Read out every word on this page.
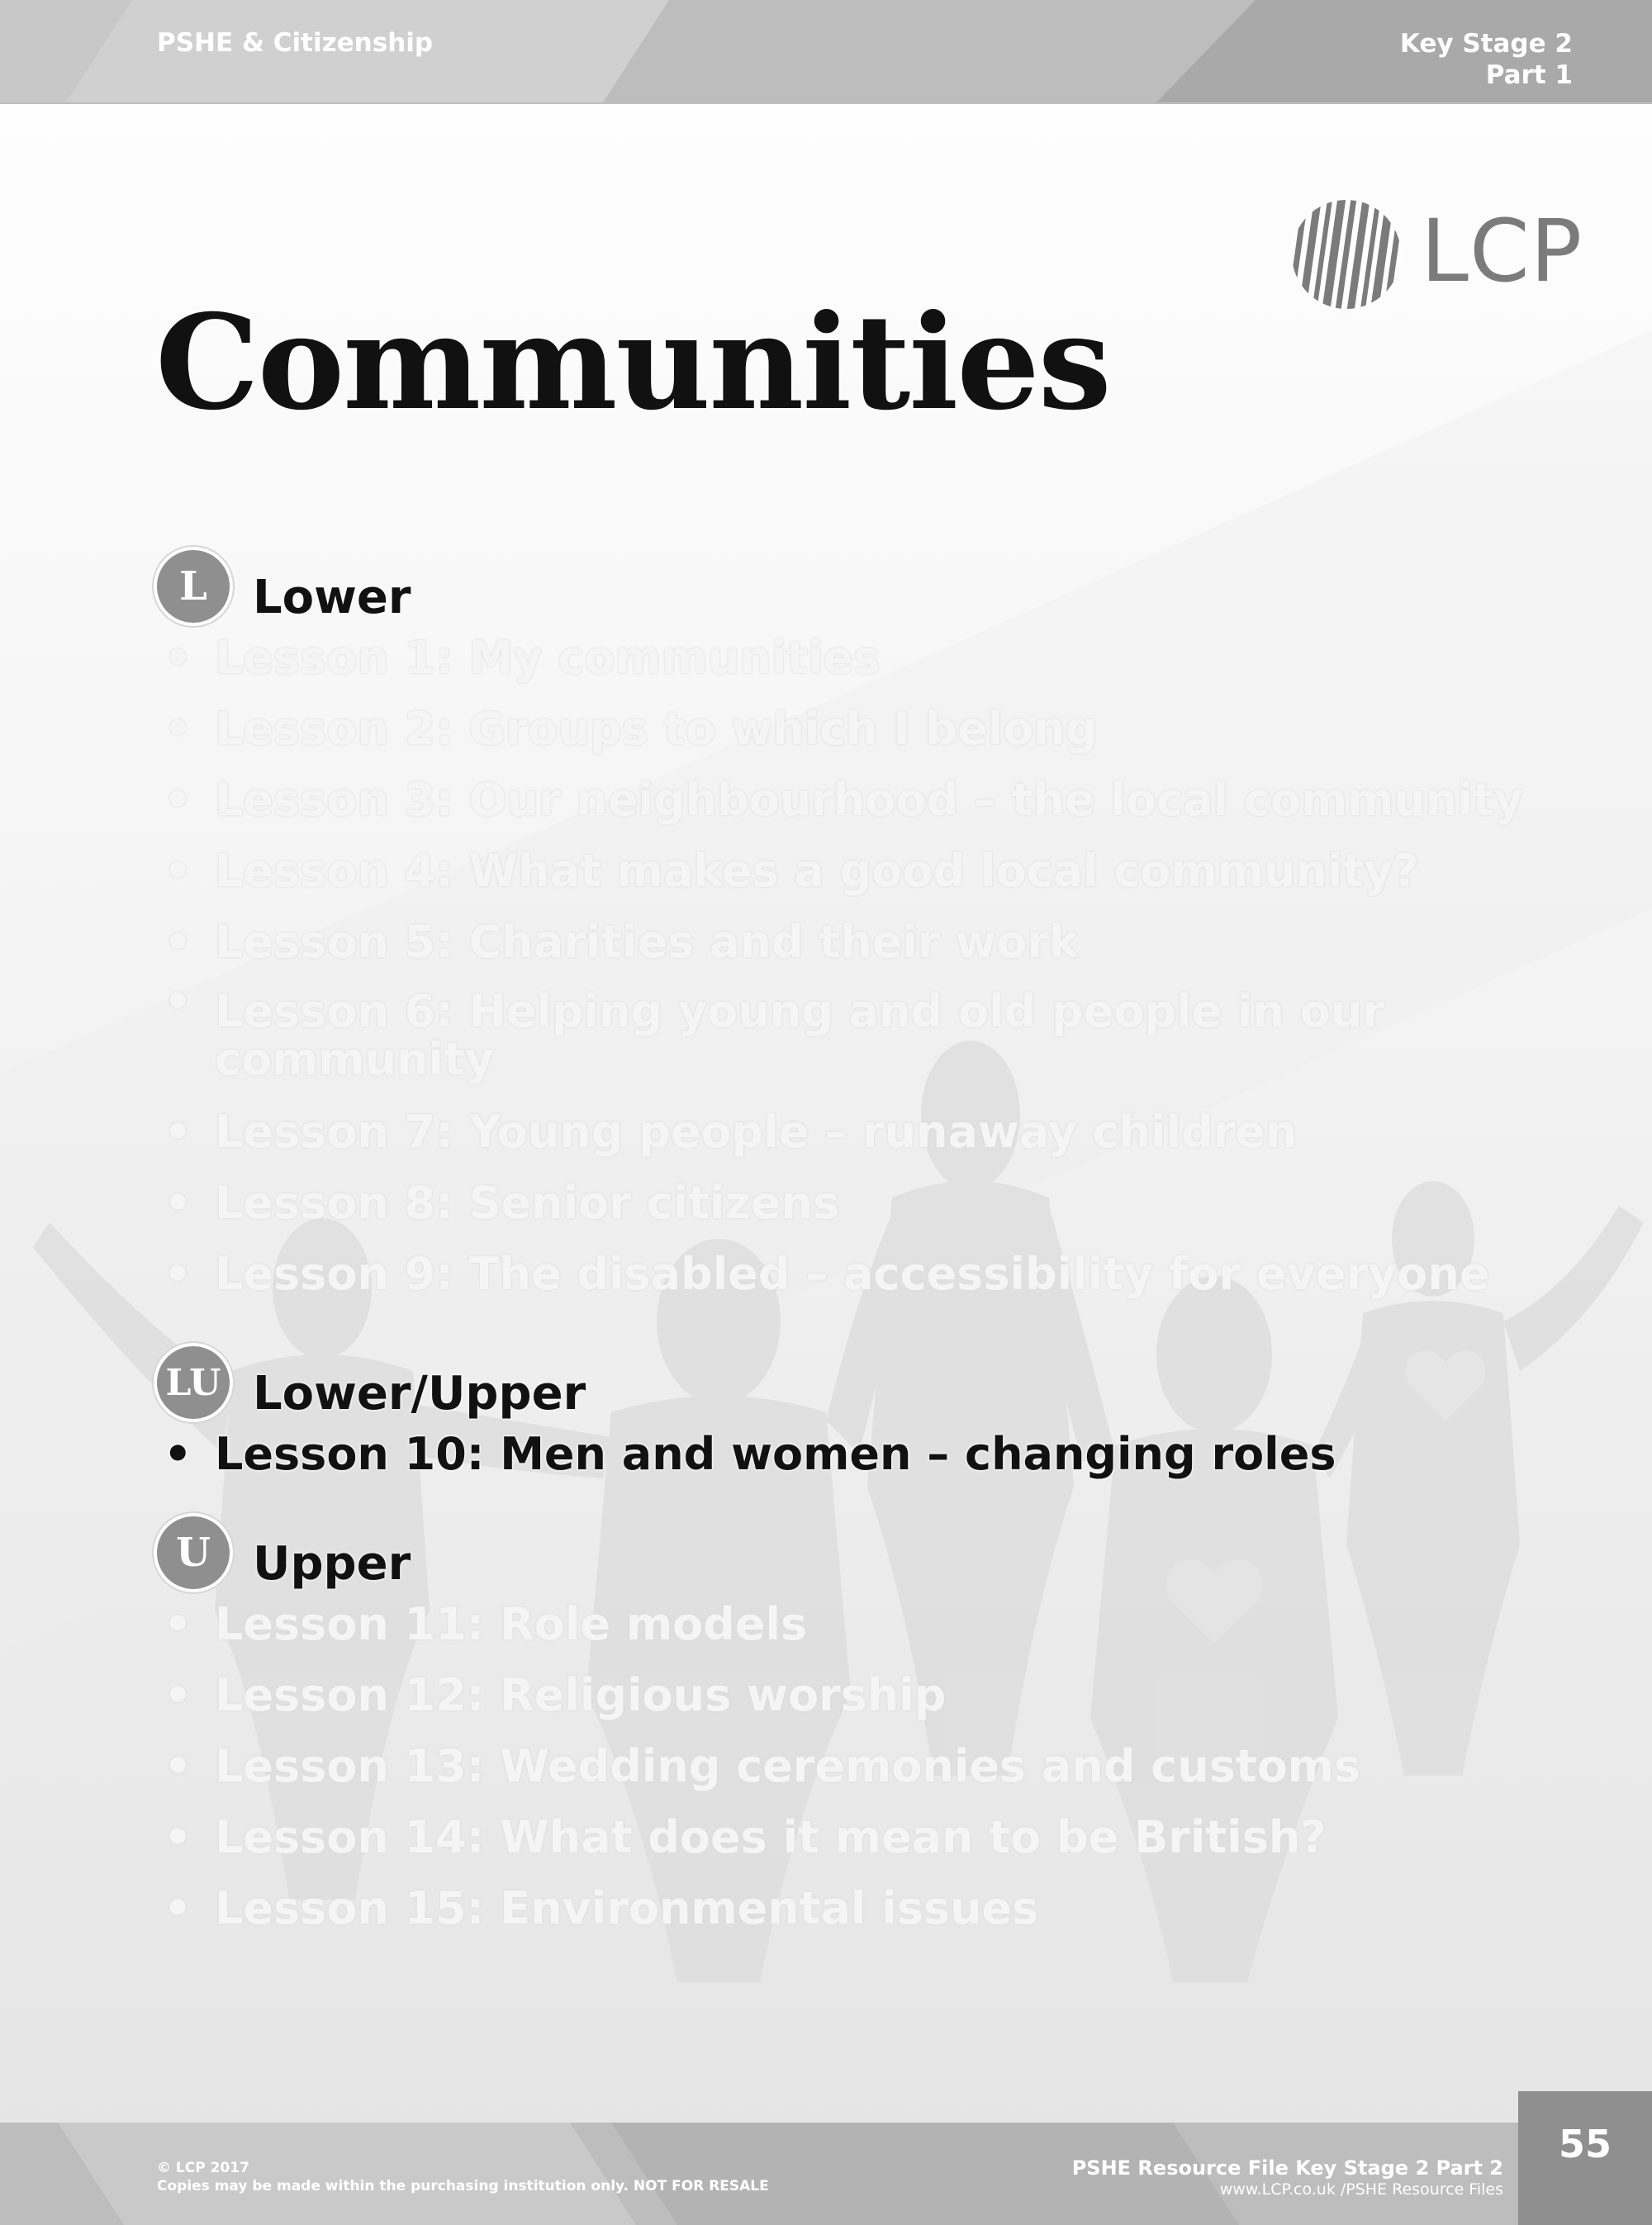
PSHE & Citizenship	Key Stage 2
Part 1
LCP
Communities
L Lower
• Lesson 1: My communities
• Lesson 2: Groups to which I belong
• Lesson 3: Our neighbourhood – the local community
• Lesson 4: What makes a good local community?
• Lesson 5: Charities and their work
• Lesson 6: Helping young and old people in our community
• Lesson 7: Young people – runaway children
• Lesson 8: Senior citizens
• Lesson 9: The disabled – accessibility for everyone
LU Lower/Upper
• Lesson 10: Men and women – changing roles
U Upper
• Lesson 11: Role models
• Lesson 12: Religious worship
• Lesson 13: Wedding ceremonies and customs
• Lesson 14: What does it mean to be British?
• Lesson 15: Environmental issues
© LCP 2017
Copies may be made within the purchasing institution only. NOT FOR RESALE
PSHE Resource File Key Stage 2 Part 2
www.LCP.co.uk /PSHE Resource Files
55
